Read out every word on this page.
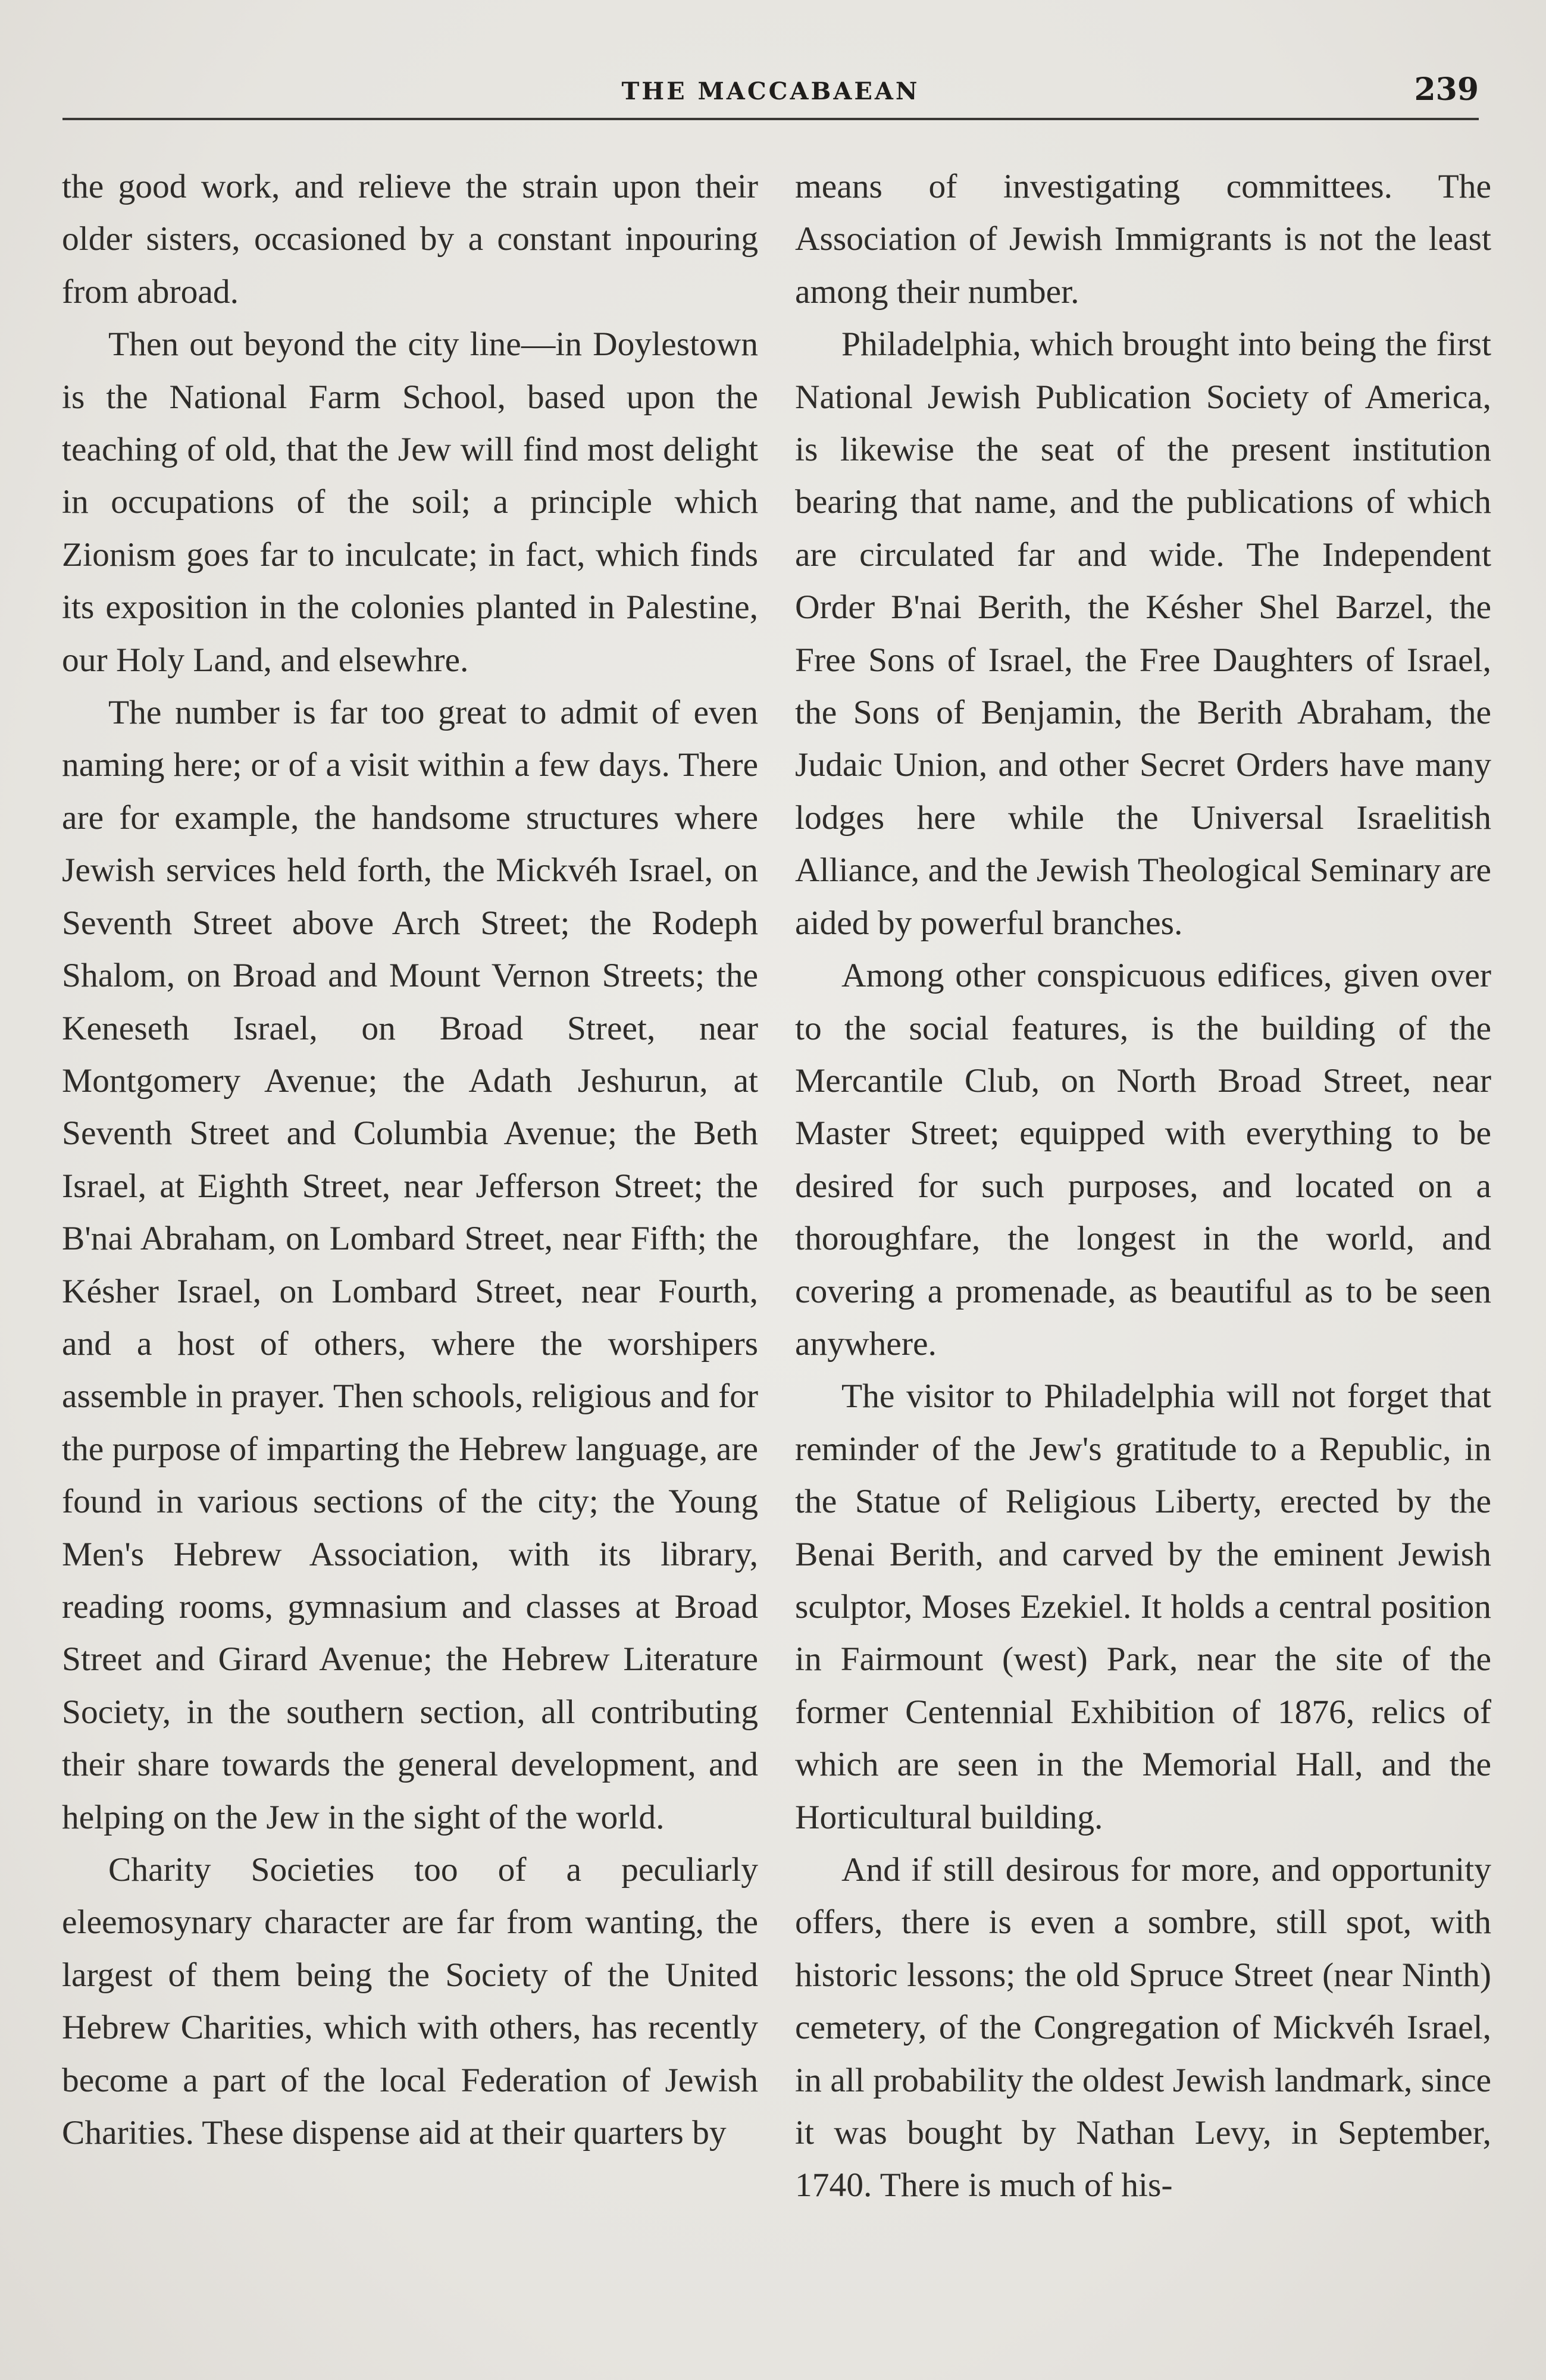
THE MACCABAEAN	239

the good work, and relieve the strain upon their older sisters, occasioned by a constant inpouring from abroad.

Then out beyond the city line—in Doylestown is the National Farm School, based upon the teaching of old, that the Jew will find most delight in occupations of the soil; a principle which Zionism goes far to inculcate; in fact, which finds its exposition in the colonies planted in Palestine, our Holy Land, and elsewhre.

The number is far too great to admit of even naming here; or of a visit within a few days. There are for example, the handsome structures where Jewish services held forth, the Mickvéh Israel, on Seventh Street above Arch Street; the Rodeph Shalom, on Broad and Mount Vernon Streets; the Keneseth Israel, on Broad Street, near Montgomery Avenue; the Adath Jeshurun, at Seventh Street and Columbia Avenue; the Beth Israel, at Eighth Street, near Jefferson Street; the B'nai Abraham, on Lombard Street, near Fifth; the Késher Israel, on Lombard Street, near Fourth, and a host of others, where the worshipers assemble in prayer. Then schools, religious and for the purpose of imparting the Hebrew language, are found in various sections of the city; the Young Men's Hebrew Association, with its library, reading rooms, gymnasium and classes at Broad Street and Girard Avenue; the Hebrew Literature Society, in the southern section, all contributing their share towards the general development, and helping on the Jew in the sight of the world.

Charity Societies too of a peculiarly eleemosynary character are far from wanting, the largest of them being the Society of the United Hebrew Charities, which with others, has recently become a part of the local Federation of Jewish Charities. These dispense aid at their quarters by

means of investigating committees. The Association of Jewish Immigrants is not the least among their number.

Philadelphia, which brought into being the first National Jewish Publication Society of America, is likewise the seat of the present institution bearing that name, and the publications of which are circulated far and wide. The Independent Order B'nai Berith, the Késher Shel Barzel, the Free Sons of Israel, the Free Daughters of Israel, the Sons of Benjamin, the Berith Abraham, the Judaic Union, and other Secret Orders have many lodges here while the Universal Israelitish Alliance, and the Jewish Theological Seminary are aided by powerful branches.

Among other conspicuous edifices, given over to the social features, is the building of the Mercantile Club, on North Broad Street, near Master Street; equipped with everything to be desired for such purposes, and located on a thoroughfare, the longest in the world, and covering a promenade, as beautiful as to be seen anywhere.

The visitor to Philadelphia will not forget that reminder of the Jew's gratitude to a Republic, in the Statue of Religious Liberty, erected by the Benai Berith, and carved by the eminent Jewish sculptor, Moses Ezekiel. It holds a central position in Fairmount (west) Park, near the site of the former Centennial Exhibition of 1876, relics of which are seen in the Memorial Hall, and the Horticultural building.

And if still desirous for more, and opportunity offers, there is even a sombre, still spot, with historic lessons; the old Spruce Street (near Ninth) cemetery, of the Congregation of Mickvéh Israel, in all probability the oldest Jewish landmark, since it was bought by Nathan Levy, in September, 1740. There is much of his-
